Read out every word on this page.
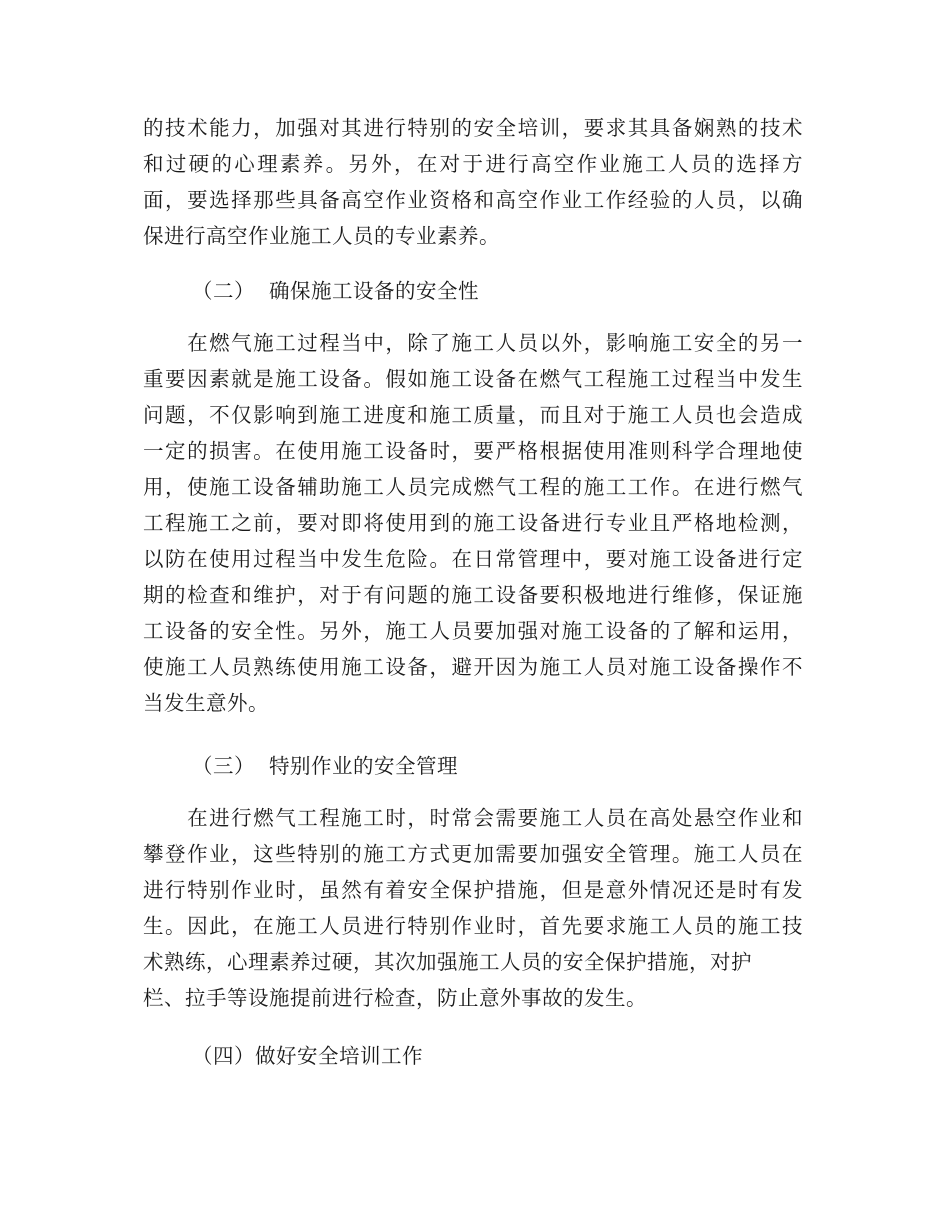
的技术能力，加强对其进行特别的安全培训，要求其具备娴熟的技术
和过硬的心理素养。另外，在对于进行高空作业施工人员的选择方
面，要选择那些具备高空作业资格和高空作业工作经验的人员，以确
保进行高空作业施工人员的专业素养。
（二）  确保施工设备的安全性
　　在燃气施工过程当中，除了施工人员以外，影响施工安全的另一
重要因素就是施工设备。假如施工设备在燃气工程施工过程当中发生
问题，不仅影响到施工进度和施工质量，而且对于施工人员也会造成
一定的损害。在使用施工设备时，要严格根据使用准则科学合理地使
用，使施工设备辅助施工人员完成燃气工程的施工工作。在进行燃气
工程施工之前，要对即将使用到的施工设备进行专业且严格地检测，
以防在使用过程当中发生危险。在日常管理中，要对施工设备进行定
期的检查和维护，对于有问题的施工设备要积极地进行维修，保证施
工设备的安全性。另外，施工人员要加强对施工设备的了解和运用，
使施工人员熟练使用施工设备，避开因为施工人员对施工设备操作不
当发生意外。
（三）  特别作业的安全管理
　　在进行燃气工程施工时，时常会需要施工人员在高处悬空作业和
攀登作业，这些特别的施工方式更加需要加强安全管理。施工人员在
进行特别作业时，虽然有着安全保护措施，但是意外情况还是时有发
生。因此，在施工人员进行特别作业时，首先要求施工人员的施工技
术熟练，心理素养过硬，其次加强施工人员的安全保护措施，对护
栏、拉手等设施提前进行检查，防止意外事故的发生。
（四）做好安全培训工作
